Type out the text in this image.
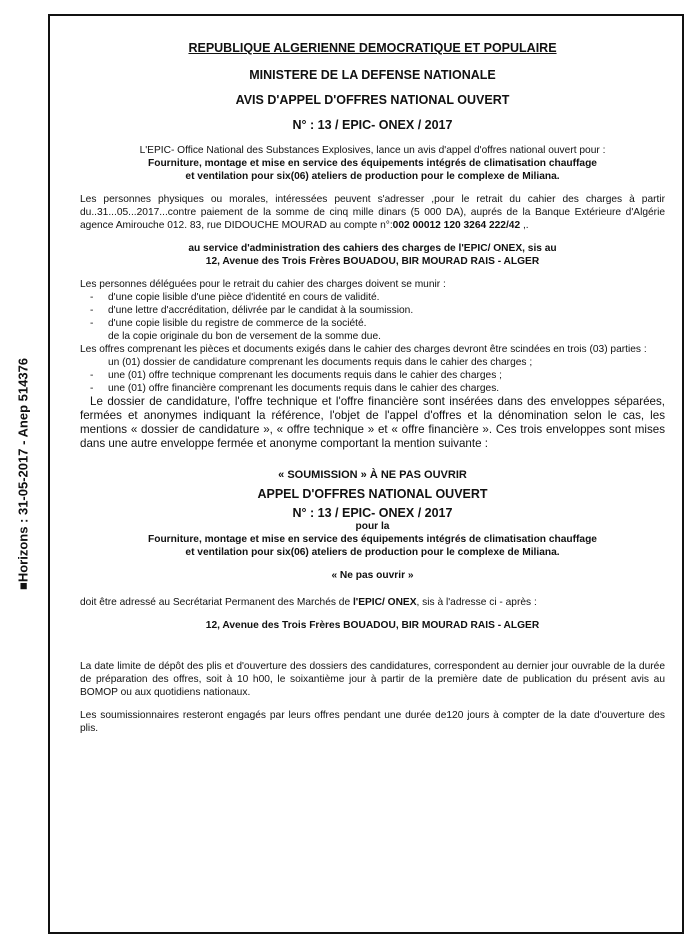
■Horizons : 31-05-2017 - Anep 514376

REPUBLIQUE ALGERIENNE DEMOCRATIQUE ET POPULAIRE

MINISTERE DE LA DEFENSE NATIONALE

AVIS D'APPEL D'OFFRES NATIONAL OUVERT

N° : 13 / EPIC- ONEX / 2017

L'EPIC- Office National des Substances Explosives, lance un avis d'appel d'offres national ouvert pour :

Fourniture, montage et mise en service des équipements intégrés de climatisation chauffage

et ventilation pour six(06) ateliers de production pour le complexe de Miliana.

Les personnes physiques ou morales, intéressées peuvent s'adresser ,pour le retrait du cahier des charges à partir du..31...05...2017...contre paiement de la somme de cinq mille dinars (5 000 DA), auprés de la Banque Extérieure d'Algérie agence Amirouche 012. 83, rue DIDOUCHE MOURAD au compte n°:002 00012 120 3264 222/42 ,.

au service d'administration des cahiers des charges de l'EPIC/ ONEX, sis au

12, Avenue des Trois Frères BOUADOU, BIR MOURAD RAIS - ALGER

Les personnes déléguées pour le retrait du cahier des charges doivent se munir :

- d'une copie lisible d'une pièce d'identité en cours de validité.
- d'une lettre d'accréditation, délivrée par le candidat à la soumission.
- d'une copie lisible du registre de commerce de la société.
de la copie originale du bon de versement de la somme due.

Les offres comprenant les pièces et documents exigés dans le cahier des charges devront être scindées en trois (03) parties :

un (01) dossier de candidature comprenant les documents requis dans le cahier des charges ;
- une (01) offre technique comprenant les documents requis dans le cahier des charges ;
- une (01) offre financière comprenant les documents requis dans le cahier des charges.

Le dossier de candidature, l'offre technique et l'offre financière sont insérées dans des enveloppes séparées, fermées et anonymes indiquant la référence, l'objet de l'appel d'offres et la dénomination selon le cas, les mentions « dossier de candidature », « offre technique » et « offre financière ». Ces trois enveloppes sont mises dans une autre enveloppe fermée et anonyme comportant la mention suivante :

« SOUMISSION » À NE PAS OUVRIR

APPEL D'OFFRES NATIONAL OUVERT

N° : 13 / EPIC- ONEX / 2017

pour la

Fourniture, montage et mise en service des équipements intégrés de climatisation chauffage

et ventilation pour six(06) ateliers de production pour le complexe de Miliana.

« Ne pas ouvrir »

doit être adressé au Secrétariat Permanent des Marchés de l'EPIC/ ONEX, sis à l'adresse ci - après :

12, Avenue des Trois Frères BOUADOU, BIR MOURAD RAIS - ALGER

La date limite de dépôt des plis et d'ouverture des dossiers des candidatures, correspondent au dernier jour ouvrable de la durée de préparation des offres, soit à 10 h00, le soixantième jour à partir de la première date de publication du présent avis au BOMOP ou aux quotidiens nationaux.

Les soumissionnaires resteront engagés par leurs offres pendant une durée de120 jours à compter de la date d'ouverture des plis.
